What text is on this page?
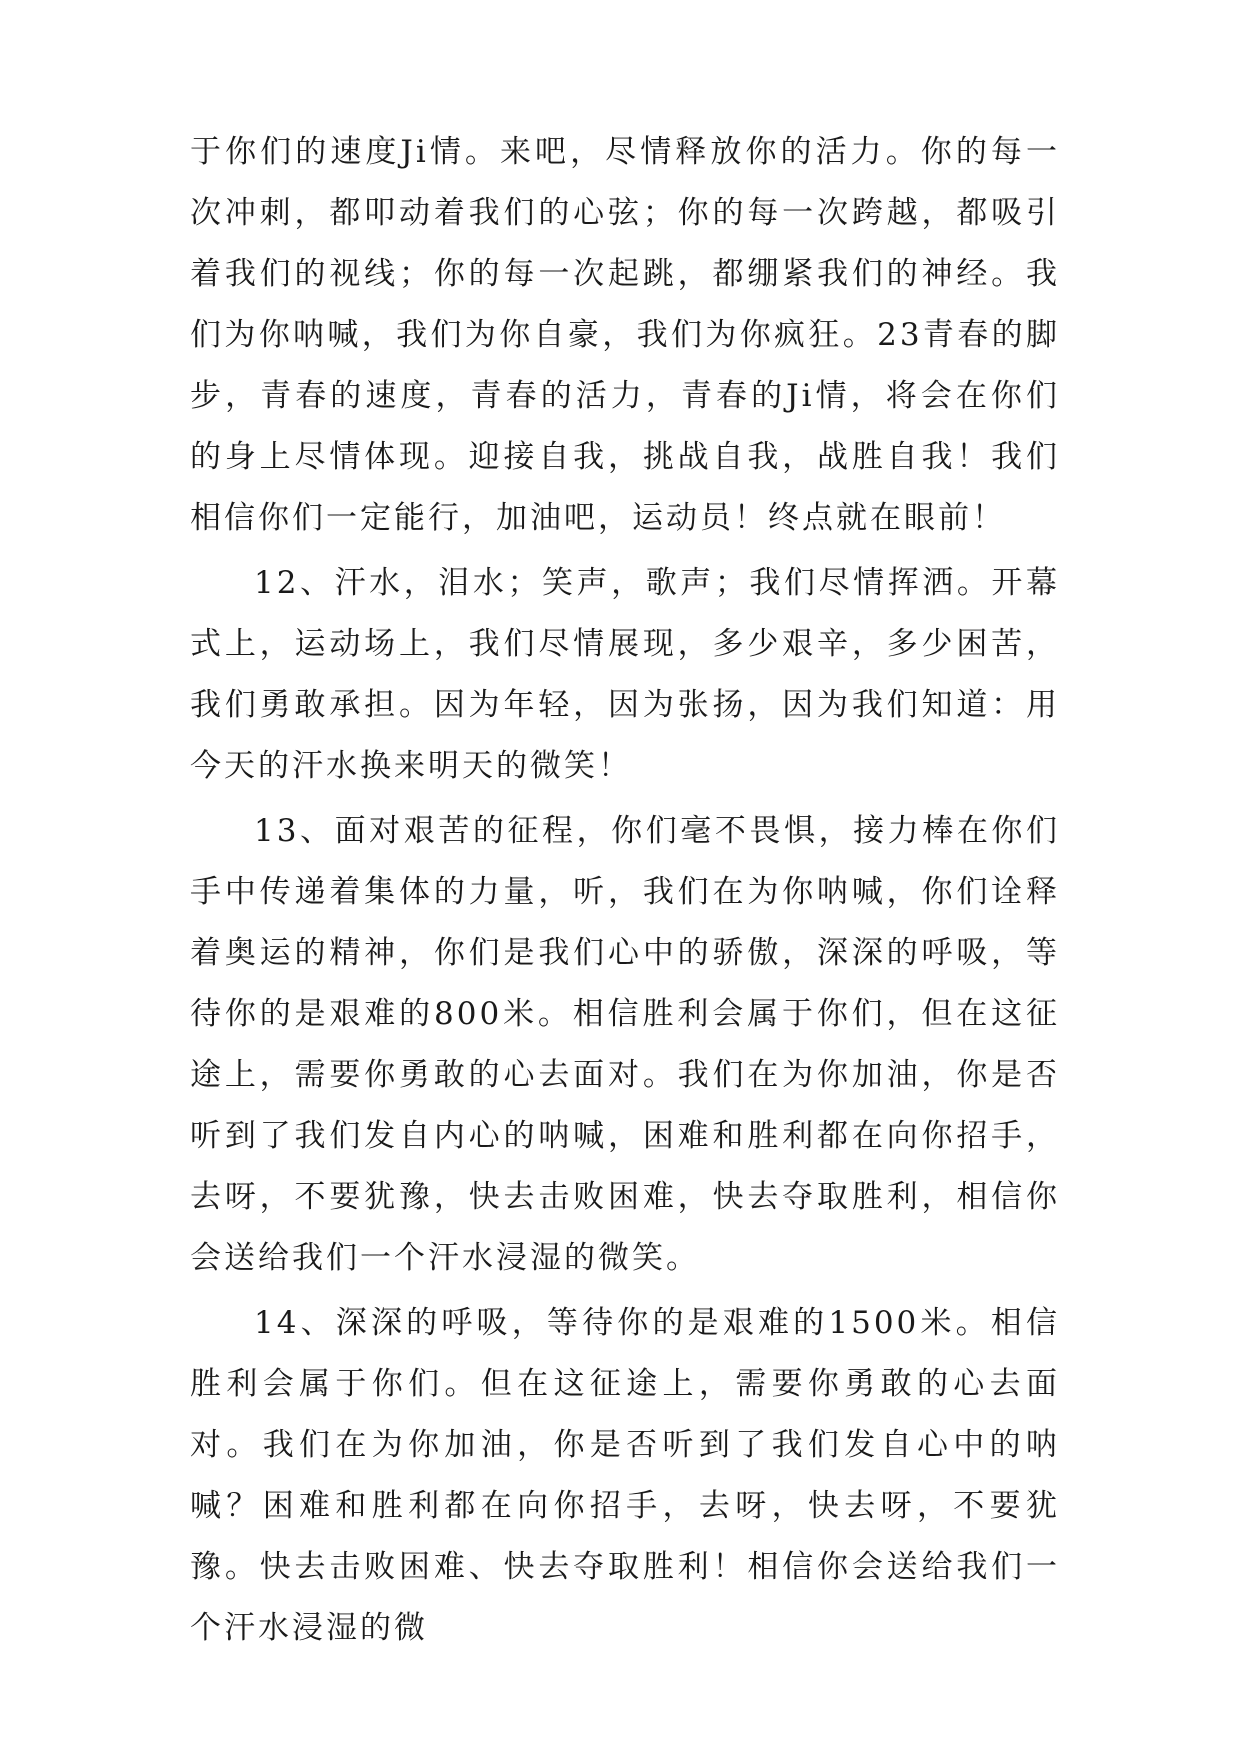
于你们的速度Ji情。来吧，尽情释放你的活力。你的每一次冲刺，都叩动着我们的心弦；你的每一次跨越，都吸引着我们的视线；你的每一次起跳，都绷紧我们的神经。我们为你呐喊，我们为你自豪，我们为你疯狂。23青春的脚步，青春的速度，青春的活力，青春的Ji情，将会在你们的身上尽情体现。迎接自我，挑战自我，战胜自我！我们相信你们一定能行，加油吧，运动员！终点就在眼前！

12、汗水，泪水；笑声，歌声；我们尽情挥洒。开幕式上，运动场上，我们尽情展现，多少艰辛，多少困苦，我们勇敢承担。因为年轻，因为张扬，因为我们知道：用今天的汗水换来明天的微笑！

13、面对艰苦的征程，你们毫不畏惧，接力棒在你们手中传递着集体的力量，听，我们在为你呐喊，你们诠释着奥运的精神，你们是我们心中的骄傲，深深的呼吸，等待你的是艰难的800米。相信胜利会属于你们，但在这征途上，需要你勇敢的心去面对。我们在为你加油，你是否听到了我们发自内心的呐喊，困难和胜利都在向你招手，去呀，不要犹豫，快去击败困难，快去夺取胜利，相信你会送给我们一个汗水浸湿的微笑。

14、深深的呼吸，等待你的是艰难的1500米。相信胜利会属于你们。但在这征途上，需要你勇敢的心去面对。我们在为你加油，你是否听到了我们发自心中的呐喊？困难和胜利都在向你招手，去呀，快去呀，不要犹豫。快去击败困难、快去夺取胜利！相信你会送给我们一个汗水浸湿的微
